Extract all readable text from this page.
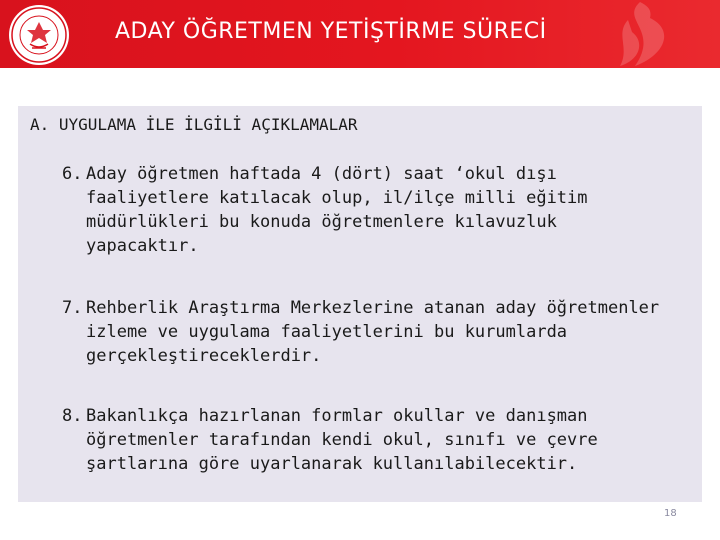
ADAY ÖĞRETMEN YETİŞTİRME SÜRECİ
A. UYGULAMA İLE İLGİLİ AÇIKLAMALAR
6. Aday öğretmen haftada 4 (dört) saat ‘okul dışı faaliyetlere katılacak olup, il/ilçe milli eğitim müdürlükleri bu konuda öğretmenlere kılavuzluk yapacaktır.
7. Rehberlik Araştırma Merkezlerine atanan aday öğretmenler izleme ve uygulama faaliyetlerini bu kurumlarda gerçekleştireceklerdir.
8. Bakanlıkça hazırlanan formlar okullar ve danışman öğretmenler tarafından kendi okul, sınıfı ve çevre şartlarına göre uyarlanarak kullanılabilecektir.
18
